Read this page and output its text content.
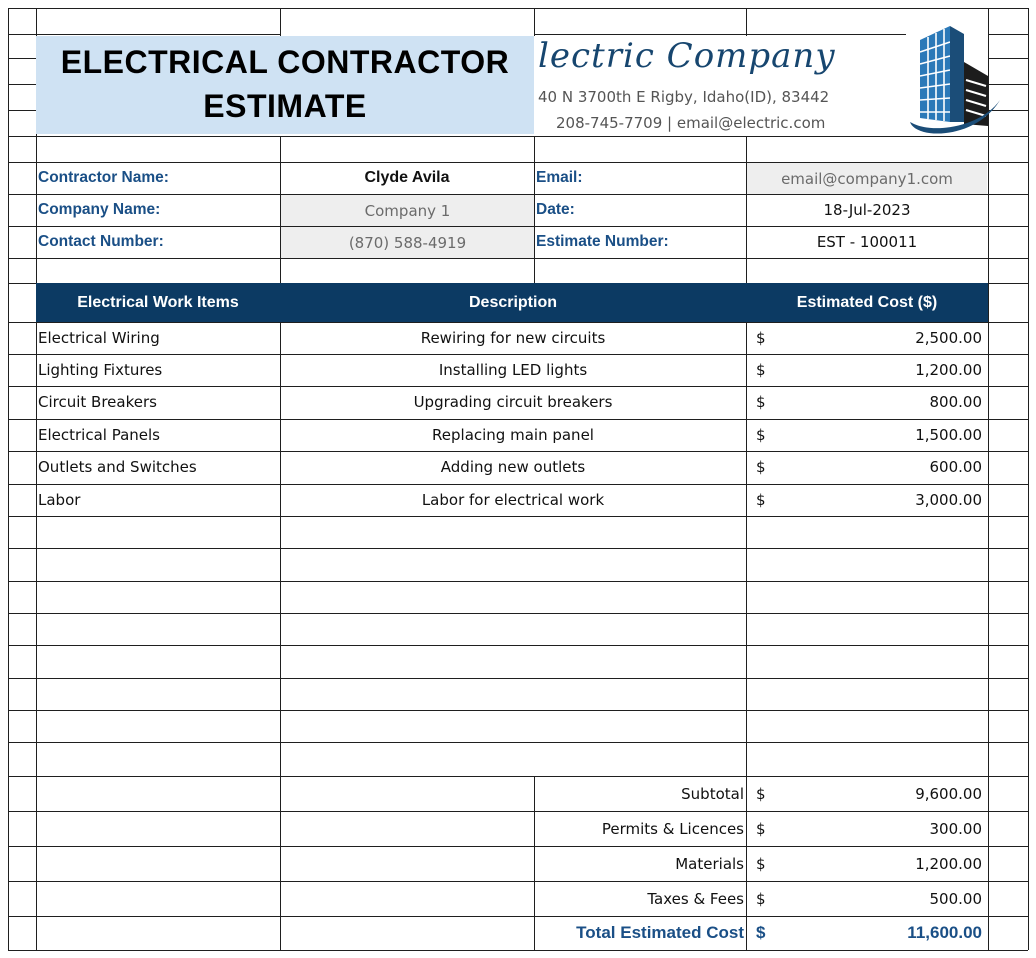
ELECTRICAL CONTRACTOR
ESTIMATE
lectric Company
40 N 3700th E Rigby, Idaho(ID), 83442
208-745-7709 | email@electric.com
Contractor Name:	Clyde Avila
Company Name:	Company 1
Contact Number:	(870) 588-4919
Email:	email@company1.com
Date:	18-Jul-2023
Estimate Number:	EST - 100011
Electrical Work Items	Description	Estimated Cost ($)
Electrical Wiring	Rewiring for new circuits	$	2,500.00
Lighting Fixtures	Installing LED lights	$	1,200.00
Circuit Breakers	Upgrading circuit breakers	$	800.00
Electrical Panels	Replacing main panel	$	1,500.00
Outlets and Switches	Adding new outlets	$	600.00
Labor	Labor for electrical work	$	3,000.00
Subtotal $	9,600.00
Permits & Licences $	300.00
Materials $	1,200.00
Taxes & Fees $	500.00
Total Estimated Cost $	11,600.00
